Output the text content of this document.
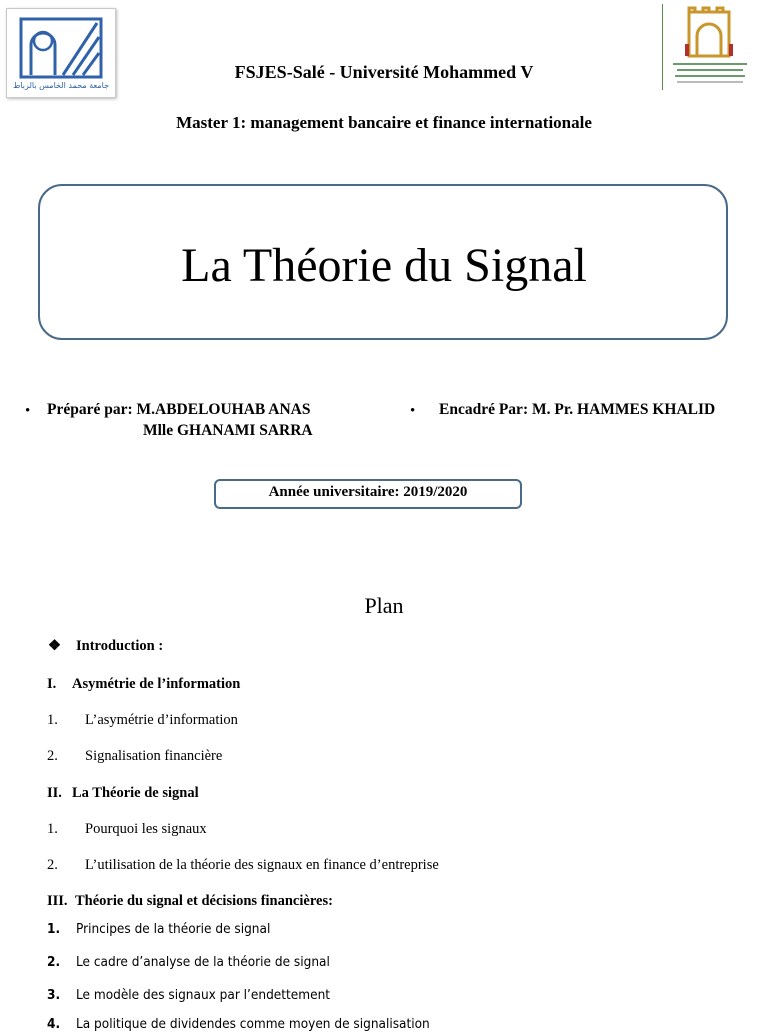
جامعة محمد الخامس بالرباط
FSJES-Salé - Université Mohammed V
Master 1: management bancaire et finance internationale
La Théorie du Signal
• Préparé par: M.ABDELOUHAB ANAS
Mlle GHANAMI SARRA
• Encadré Par: M. Pr. HAMMES KHALID
Année universitaire: 2019/2020
Plan
❖ Introduction :
I. Asymétrie de l’information
1. L’asymétrie d’information
2. Signalisation financière
II. La Théorie de signal
1. Pourquoi les signaux
2. L’utilisation de la théorie des signaux en finance d’entreprise
III. Théorie du signal et décisions financières:
1. Principes de la théorie de signal
2. Le cadre d’analyse de la théorie de signal
3. Le modèle des signaux par l’endettement
4. La politique de dividendes comme moyen de signalisation
